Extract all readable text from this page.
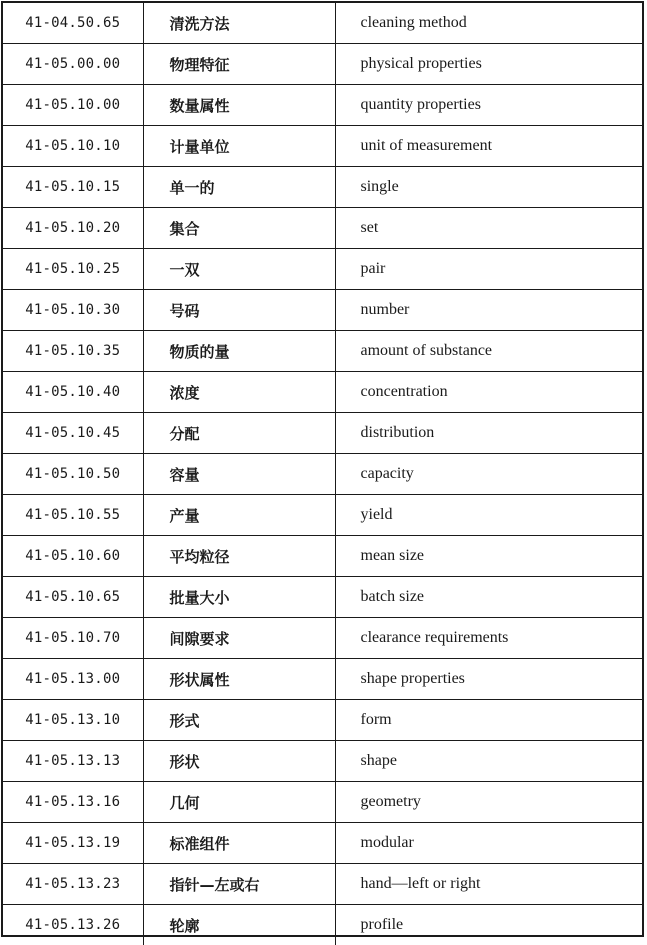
41-04.50.65	清洗方法	cleaning method
41-05.00.00	物理特征	physical properties
41-05.10.00	数量属性	quantity properties
41-05.10.10	计量单位	unit of measurement
41-05.10.15	单一的	single
41-05.10.20	集合	set
41-05.10.25	一双	pair
41-05.10.30	号码	number
41-05.10.35	物质的量	amount of substance
41-05.10.40	浓度	concentration
41-05.10.45	分配	distribution
41-05.10.50	容量	capacity
41-05.10.55	产量	yield
41-05.10.60	平均粒径	mean size
41-05.10.65	批量大小	batch size
41-05.10.70	间隙要求	clearance requirements
41-05.13.00	形状属性	shape properties
41-05.13.10	形式	form
41-05.13.13	形状	shape
41-05.13.16	几何	geometry
41-05.13.19	标准组件	modular
41-05.13.23	指针—左或右	hand—left or right
41-05.13.26	轮廓	profile
